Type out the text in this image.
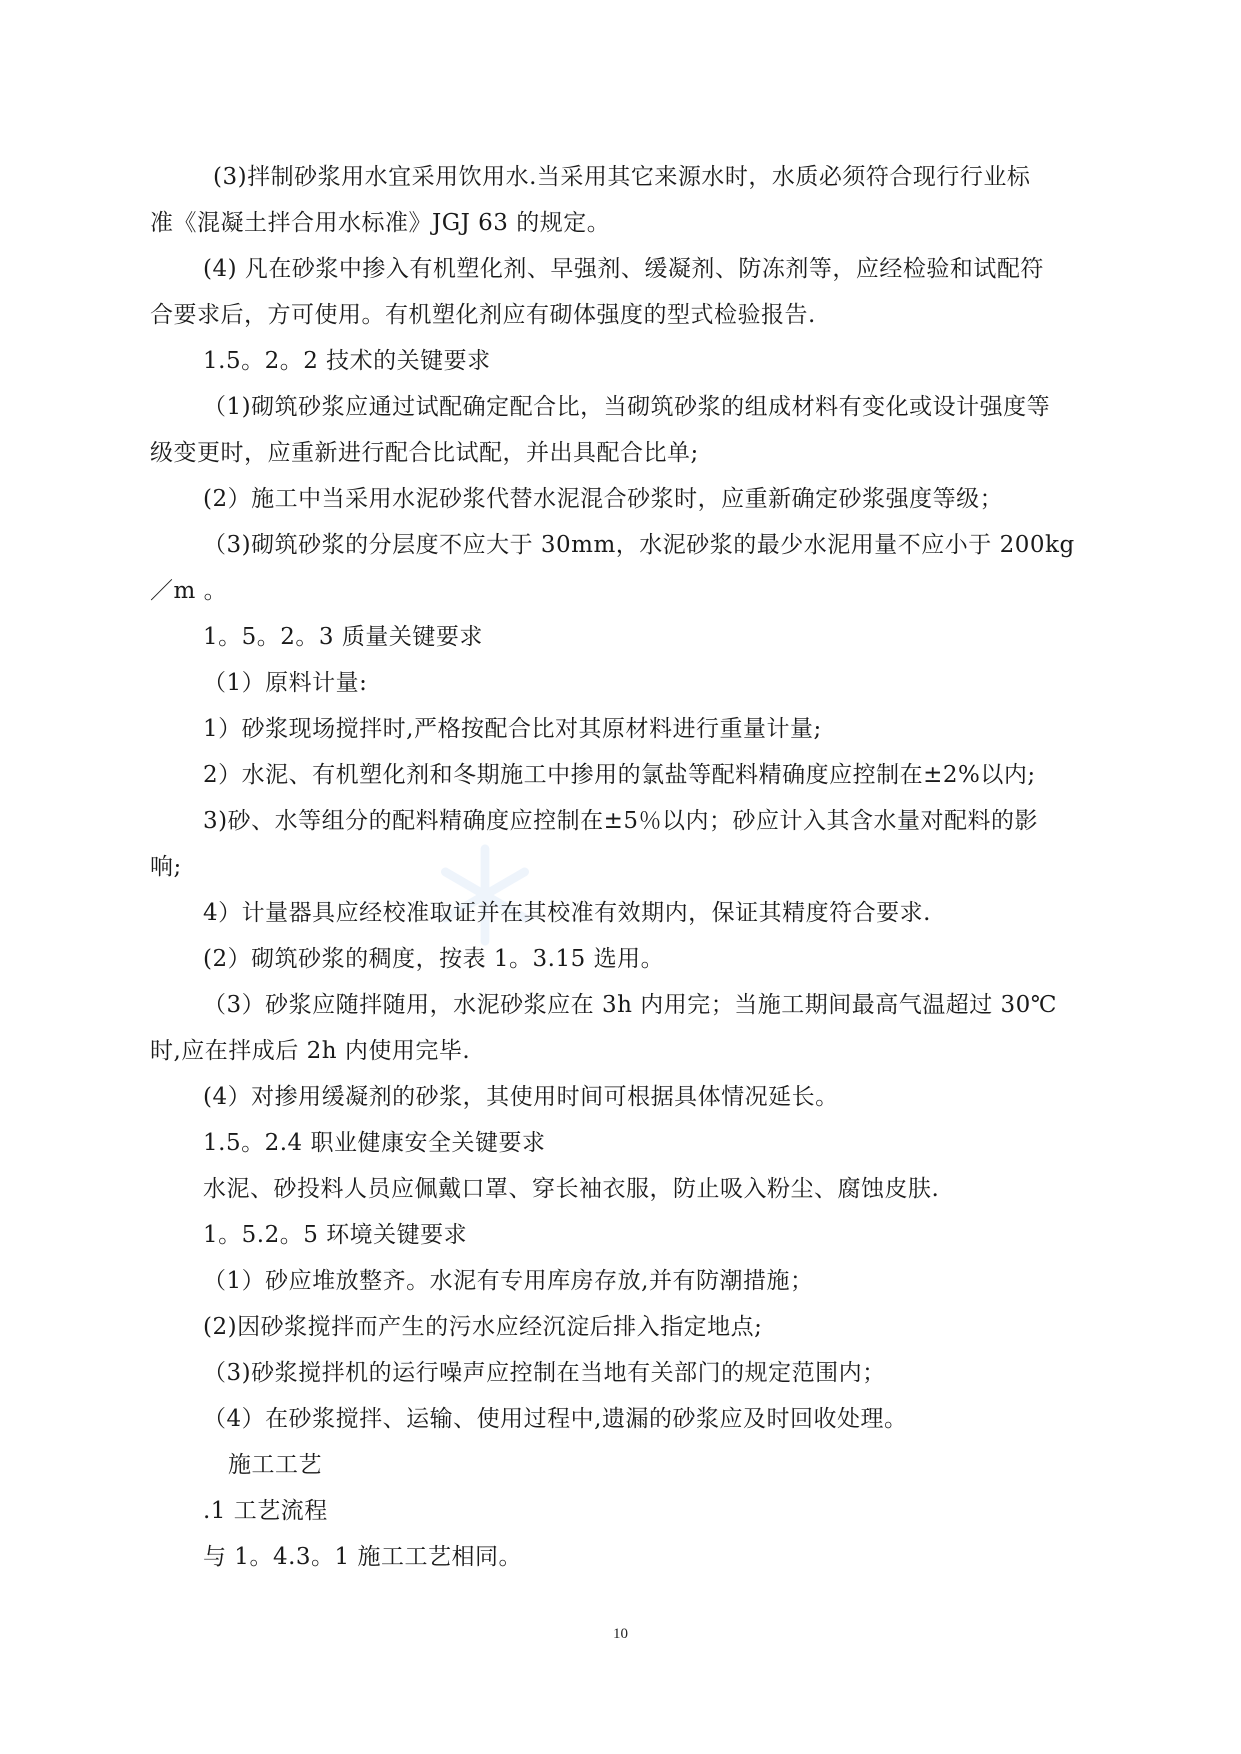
(3)拌制砂浆用水宜采用饮用水.当采用其它来源水时，水质必须符合现行行业标
准《混凝土拌合用水标准》JGJ 63 的规定。
(4) 凡在砂浆中掺入有机塑化剂、早强剂、缓凝剂、防冻剂等，应经检验和试配符
合要求后，方可使用。有机塑化剂应有砌体强度的型式检验报告.
1.5。2。2 技术的关键要求
（1)砌筑砂浆应通过试配确定配合比，当砌筑砂浆的组成材料有变化或设计强度等
级变更时，应重新进行配合比试配，并出具配合比单;
(2）施工中当采用水泥砂浆代替水泥混合砂浆时，应重新确定砂浆强度等级；
（3)砌筑砂浆的分层度不应大于 30mm，水泥砂浆的最少水泥用量不应小于 200kg
／m 。
1。5。2。3 质量关键要求
（1）原料计量:
1）砂浆现场搅拌时,严格按配合比对其原材料进行重量计量;
2）水泥、有机塑化剂和冬期施工中掺用的氯盐等配料精确度应控制在±2%以内;
3)砂、水等组分的配料精确度应控制在±5％以内；砂应计入其含水量对配料的影
响;
4）计量器具应经校准取证并在其校准有效期内，保证其精度符合要求.
(2）砌筑砂浆的稠度，按表 1。3.15 选用。
（3）砂浆应随拌随用，水泥砂浆应在 3h 内用完；当施工期间最高气温超过 30℃
时,应在拌成后 2h 内使用完毕.
(4）对掺用缓凝剂的砂浆，其使用时间可根据具体情况延长。
1.5。2.4 职业健康安全关键要求
水泥、砂投料人员应佩戴口罩、穿长袖衣服，防止吸入粉尘、腐蚀皮肤.
1。5.2。5 环境关键要求
（1）砂应堆放整齐。水泥有专用库房存放,并有防潮措施；
(2)因砂浆搅拌而产生的污水应经沉淀后排入指定地点;
（3)砂浆搅拌机的运行噪声应控制在当地有关部门的规定范围内；
（4）在砂浆搅拌、运输、使用过程中,遗漏的砂浆应及时回收处理。
施工工艺
.1 工艺流程
与 1。4.3。1 施工工艺相同。
10
